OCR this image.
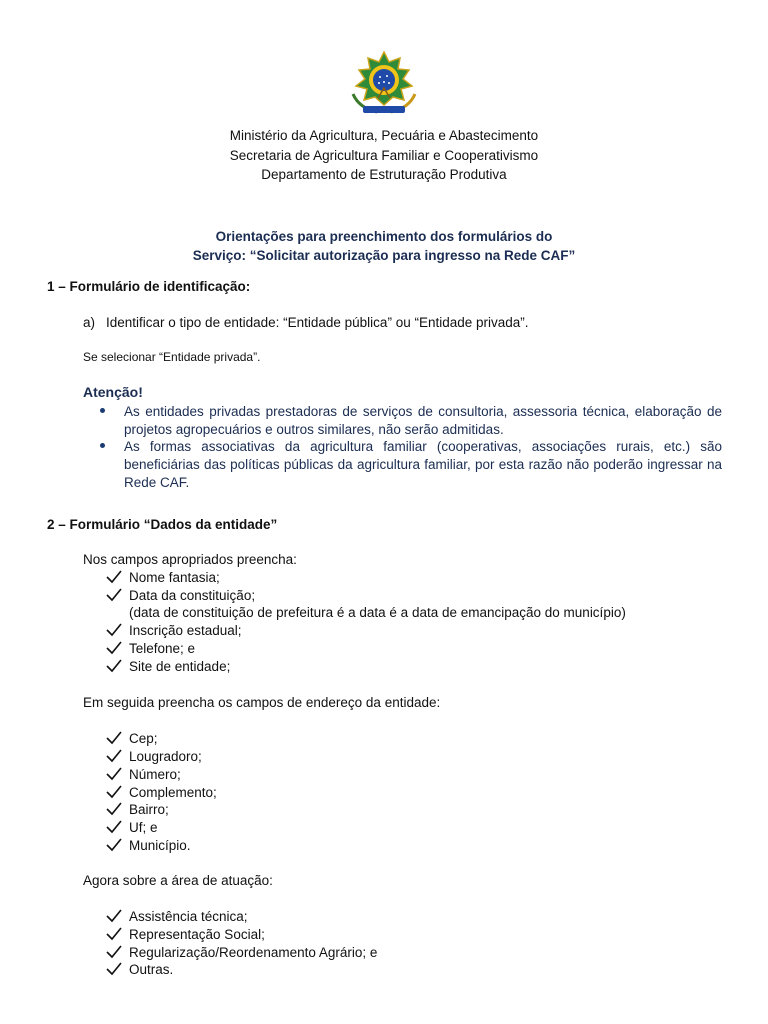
Ministério da Agricultura, Pecuária e Abastecimento
Secretaria de Agricultura Familiar e Cooperativismo
Departamento de Estruturação Produtiva
Orientações para preenchimento dos formulários do
Serviço: “Solicitar autorização para ingresso na Rede CAF”
1 – Formulário de identificação:
a) Identificar o tipo de entidade: “Entidade pública” ou “Entidade privada”.
Se selecionar “Entidade privada”.
Atenção!
As entidades privadas prestadoras de serviços de consultoria, assessoria técnica, elaboração de projetos agropecuários e outros similares, não serão admitidas.
As formas associativas da agricultura familiar (cooperativas, associações rurais, etc.) são beneficiárias das políticas públicas da agricultura familiar, por esta razão não poderão ingressar na Rede CAF.
2 – Formulário “Dados da entidade”
Nos campos apropriados preencha:
Nome fantasia;
Data da constituição;
(data de constituição de prefeitura é a data é a data de emancipação do município)
Inscrição estadual;
Telefone; e
Site de entidade;
Em seguida preencha os campos de endereço da entidade:
Cep;
Lougradoro;
Número;
Complemento;
Bairro;
Uf; e
Município.
Agora sobre a área de atuação:
Assistência técnica;
Representação Social;
Regularização/Reordenamento Agrário; e
Outras.
